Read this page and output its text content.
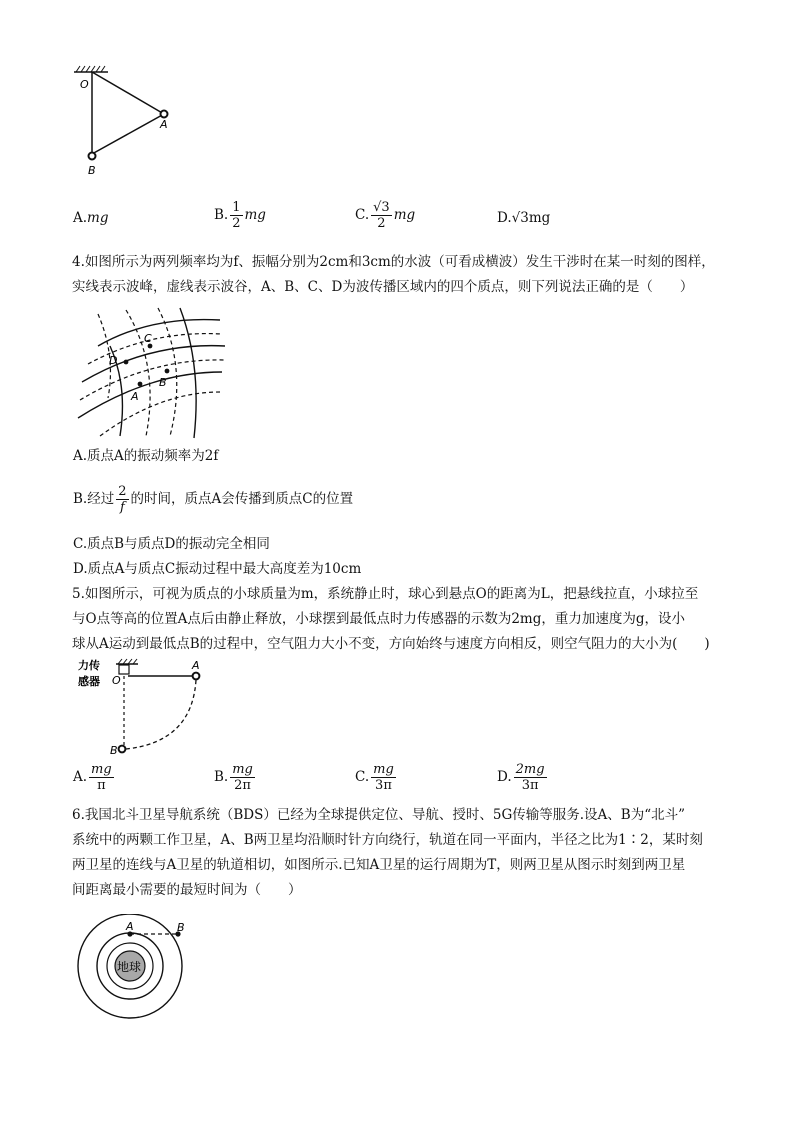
O
A
B
A.mg	B. $\frac{1}{2}$ mg	C. $\frac{√3}{2}$ mg	D.√3mg
4.如图所示为两列频率均为f、振幅分别为2cm和3cm的水波（可看成横波）发生干涉时在某一时刻的图样，
实线表示波峰，虚线表示波谷，A、B、C、D为波传播区域内的四个质点，则下列说法正确的是（　　）
C
D
A
B
A.质点A的振动频率为2f
B.经过 $\frac{2}{f}$ 的时间，质点A会传播到质点C的位置
C.质点B与质点D的振动完全相同
D.质点A与质点C振动过程中最大高度差为10cm
5.如图所示，可视为质点的小球质量为m，系统静止时，球心到悬点O的距离为L，把悬线拉直，小球拉至
与O点等高的位置A点后由静止释放，小球摆到最低点时力传感器的示数为2mg，重力加速度为g，设小
球从A运动到最低点B的过程中，空气阻力大小不变，方向始终与速度方向相反，则空气阻力的大小为(　　)
力传
感器 O
A
B
A. $\frac{mg}{\pi}$	B. $\frac{mg}{2\pi}$	C. $\frac{mg}{3\pi}$	D. $\frac{2mg}{3\pi}$
6.我国北斗卫星导航系统（BDS）已经为全球提供定位、导航、授时、5G传输等服务.设A、B为“北斗”
系统中的两颗工作卫星，A、B两卫星均沿顺时针方向绕行，轨道在同一平面内，半径之比为1∶2，某时刻
两卫星的连线与A卫星的轨道相切，如图所示.已知A卫星的运行周期为T，则两卫星从图示时刻到两卫星
间距离最小需要的最短时间为（　　）
地球
A	B
